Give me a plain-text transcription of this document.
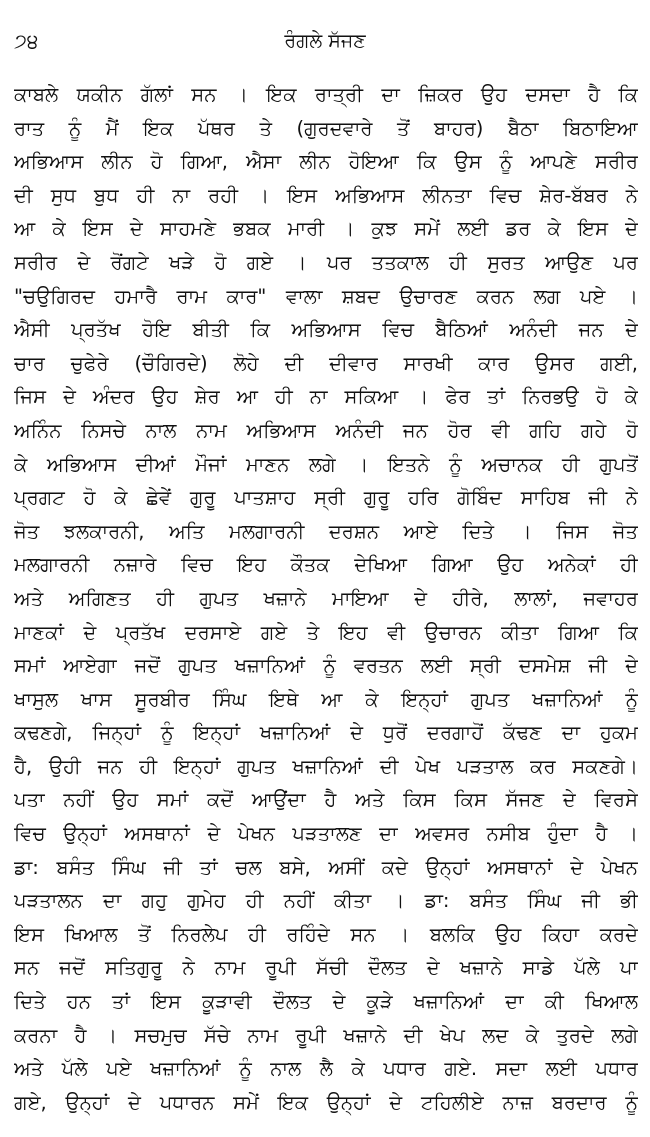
੭੪	ਰੰਗਲੇ ਸੱਜਣ
ਕਾਬਲੇ ਯਕੀਨ ਗੱਲਾਂ ਸਨ । ਇਕ ਰਾਤ੍ਰੀ ਦਾ ਜ਼ਿਕਰ ਉਹ ਦਸਦਾ ਹੈ ਕਿ
ਰਾਤ ਨੂੰ ਮੈਂ ਇਕ ਪੱਥਰ ਤੇ (ਗੁਰਦਵਾਰੇ ਤੋਂ ਬਾਹਰ) ਬੈਠਾ ਬਿਠਾਇਆ
ਅਭਿਆਸ ਲੀਨ ਹੋ ਗਿਆ, ਐਸਾ ਲੀਨ ਹੋਇਆ ਕਿ ਉਸ ਨੂੰ ਆਪਣੇ ਸਰੀਰ
ਦੀ ਸੁਧ ਬੁਧ ਹੀ ਨਾ ਰਹੀ । ਇਸ ਅਭਿਆਸ ਲੀਨਤਾ ਵਿਚ ਸ਼ੇਰ-ਬੱਬਰ ਨੇ
ਆ ਕੇ ਇਸ ਦੇ ਸਾਹਮਣੇ ਭਬਕ ਮਾਰੀ । ਕੁਝ ਸਮੇਂ ਲਈ ਡਰ ਕੇ ਇਸ ਦੇ
ਸਰੀਰ ਦੇ ਰੋਂਗਟੇ ਖੜੇ ਹੋ ਗਏ । ਪਰ ਤਤਕਾਲ ਹੀ ਸੁਰਤ ਆਉਣ ਪਰ
"ਚਉਗਿਰਦ ਹਮਾਰੈ ਰਾਮ ਕਾਰ" ਵਾਲਾ ਸ਼ਬਦ ਉਚਾਰਣ ਕਰਨ ਲਗ ਪਏ ।
ਐਸੀ ਪ੍ਰਤੱਖ ਹੋਇ ਬੀਤੀ ਕਿ ਅਭਿਆਸ ਵਿਚ ਬੈਠਿਆਂ ਅਨੰਦੀ ਜਨ ਦੇ
ਚਾਰ ਚੁਫੇਰੇ (ਚੌਗਿਰਦੇ) ਲੋਹੇ ਦੀ ਦੀਵਾਰ ਸਾਰਖੀ ਕਾਰ ਉਸਰ ਗਈ,
ਜਿਸ ਦੇ ਅੰਦਰ ਉਹ ਸ਼ੇਰ ਆ ਹੀ ਨਾ ਸਕਿਆ । ਫੇਰ ਤਾਂ ਨਿਰਭਉ ਹੋ ਕੇ
ਅਨਿੰਨ ਨਿਸਚੇ ਨਾਲ ਨਾਮ ਅਭਿਆਸ ਅਨੰਦੀ ਜਨ ਹੋਰ ਵੀ ਗਹਿ ਗਹੇ ਹੋ
ਕੇ ਅਭਿਆਸ ਦੀਆਂ ਮੌਜਾਂ ਮਾਣਨ ਲਗੇ । ਇਤਨੇ ਨੂੰ ਅਚਾਨਕ ਹੀ ਗੁਪਤੋਂ
ਪ੍ਰਗਟ ਹੋ ਕੇ ਛੇਵੇਂ ਗੁਰੂ ਪਾਤਸ਼ਾਹ ਸ੍ਰੀ ਗੁਰੂ ਹਰਿ ਗੋਬਿੰਦ ਸਾਹਿਬ ਜੀ ਨੇ
ਜੋਤ ਝਲਕਾਰਨੀ, ਅਤਿ ਮਲਗਾਰਨੀ ਦਰਸ਼ਨ ਆਏ ਦਿਤੇ । ਜਿਸ ਜੋਤ
ਮਲਗਾਰਨੀ ਨਜ਼ਾਰੇ ਵਿਚ ਇਹ ਕੌਤਕ ਦੇਖਿਆ ਗਿਆ ਉਹ ਅਨੇਕਾਂ ਹੀ
ਅਤੇ ਅਗਿਣਤ ਹੀ ਗੁਪਤ ਖਜ਼ਾਨੇ ਮਾਇਆ ਦੇ ਹੀਰੇ, ਲਾਲਾਂ, ਜਵਾਹਰ
ਮਾਣਕਾਂ ਦੇ ਪ੍ਰਤੱਖ ਦਰਸਾਏ ਗਏ ਤੇ ਇਹ ਵੀ ਉਚਾਰਨ ਕੀਤਾ ਗਿਆ ਕਿ
ਸਮਾਂ ਆਏਗਾ ਜਦੋਂ ਗੁਪਤ ਖਜ਼ਾਨਿਆਂ ਨੂੰ ਵਰਤਨ ਲਈ ਸ੍ਰੀ ਦਸਮੇਸ਼ ਜੀ ਦੇ
ਖਾਸੁਲ ਖਾਸ ਸੂਰਬੀਰ ਸਿੰਘ ਇਥੇ ਆ ਕੇ ਇਨ੍ਹਾਂ ਗੁਪਤ ਖਜ਼ਾਨਿਆਂ ਨੂੰ
ਕਢਣਗੇ, ਜਿਨ੍ਹਾਂ ਨੂੰ ਇਨ੍ਹਾਂ ਖਜ਼ਾਨਿਆਂ ਦੇ ਧੁਰੋਂ ਦਰਗਾਹੋਂ ਕੱਢਣ ਦਾ ਹੁਕਮ
ਹੈ, ਉਹੀ ਜਨ ਹੀ ਇਨ੍ਹਾਂ ਗੁਪਤ ਖਜ਼ਾਨਿਆਂ ਦੀ ਪੇਖ ਪੜਤਾਲ ਕਰ ਸਕਣਗੇ।
ਪਤਾ ਨਹੀਂ ਉਹ ਸਮਾਂ ਕਦੋਂ ਆਉਂਦਾ ਹੈ ਅਤੇ ਕਿਸ ਕਿਸ ਸੱਜਣ ਦੇ ਵਿਰਸੇ
ਵਿਚ ਉਨ੍ਹਾਂ ਅਸਥਾਨਾਂ ਦੇ ਪੇਖਨ ਪੜਤਾਲਣ ਦਾ ਅਵਸਰ ਨਸੀਬ ਹੁੰਦਾ ਹੈ ।
ਡਾ: ਬਸੰਤ ਸਿੰਘ ਜੀ ਤਾਂ ਚਲ ਬਸੇ, ਅਸੀਂ ਕਦੇ ਉਨ੍ਹਾਂ ਅਸਥਾਨਾਂ ਦੇ ਪੇਖਨ
ਪੜਤਾਲਨ ਦਾ ਗਹੁ ਗੁਮੇਹ ਹੀ ਨਹੀਂ ਕੀਤਾ । ਡਾ: ਬਸੰਤ ਸਿੰਘ ਜੀ ਭੀ
ਇਸ ਖਿਆਲ ਤੋਂ ਨਿਰਲੇਪ ਹੀ ਰਹਿੰਦੇ ਸਨ । ਬਲਕਿ ਉਹ ਕਿਹਾ ਕਰਦੇ
ਸਨ ਜਦੋਂ ਸਤਿਗੁਰੂ ਨੇ ਨਾਮ ਰੂਪੀ ਸੱਚੀ ਦੌਲਤ ਦੇ ਖਜ਼ਾਨੇ ਸਾਡੇ ਪੱਲੇ ਪਾ
ਦਿਤੇ ਹਨ ਤਾਂ ਇਸ ਕੂੜਾਵੀ ਦੌਲਤ ਦੇ ਕੂੜੇ ਖਜ਼ਾਨਿਆਂ ਦਾ ਕੀ ਖਿਆਲ
ਕਰਨਾ ਹੈ । ਸਚਮੁਚ ਸੱਚੇ ਨਾਮ ਰੂਪੀ ਖਜ਼ਾਨੇ ਦੀ ਖੇਪ ਲਦ ਕੇ ਤੁਰਦੇ ਲਗੇ
ਅਤੇ ਪੱਲੇ ਪਏ ਖਜ਼ਾਨਿਆਂ ਨੂੰ ਨਾਲ ਲੈ ਕੇ ਪਧਾਰ ਗਏ. ਸਦਾ ਲਈ ਪਧਾਰ
ਗਏ, ਉਨ੍ਹਾਂ ਦੇ ਪਧਾਰਨ ਸਮੇਂ ਇਕ ਉਨ੍ਹਾਂ ਦੇ ਟਹਿਲੀਏ ਨਾਜ਼ ਬਰਦਾਰ ਨੂੰ
